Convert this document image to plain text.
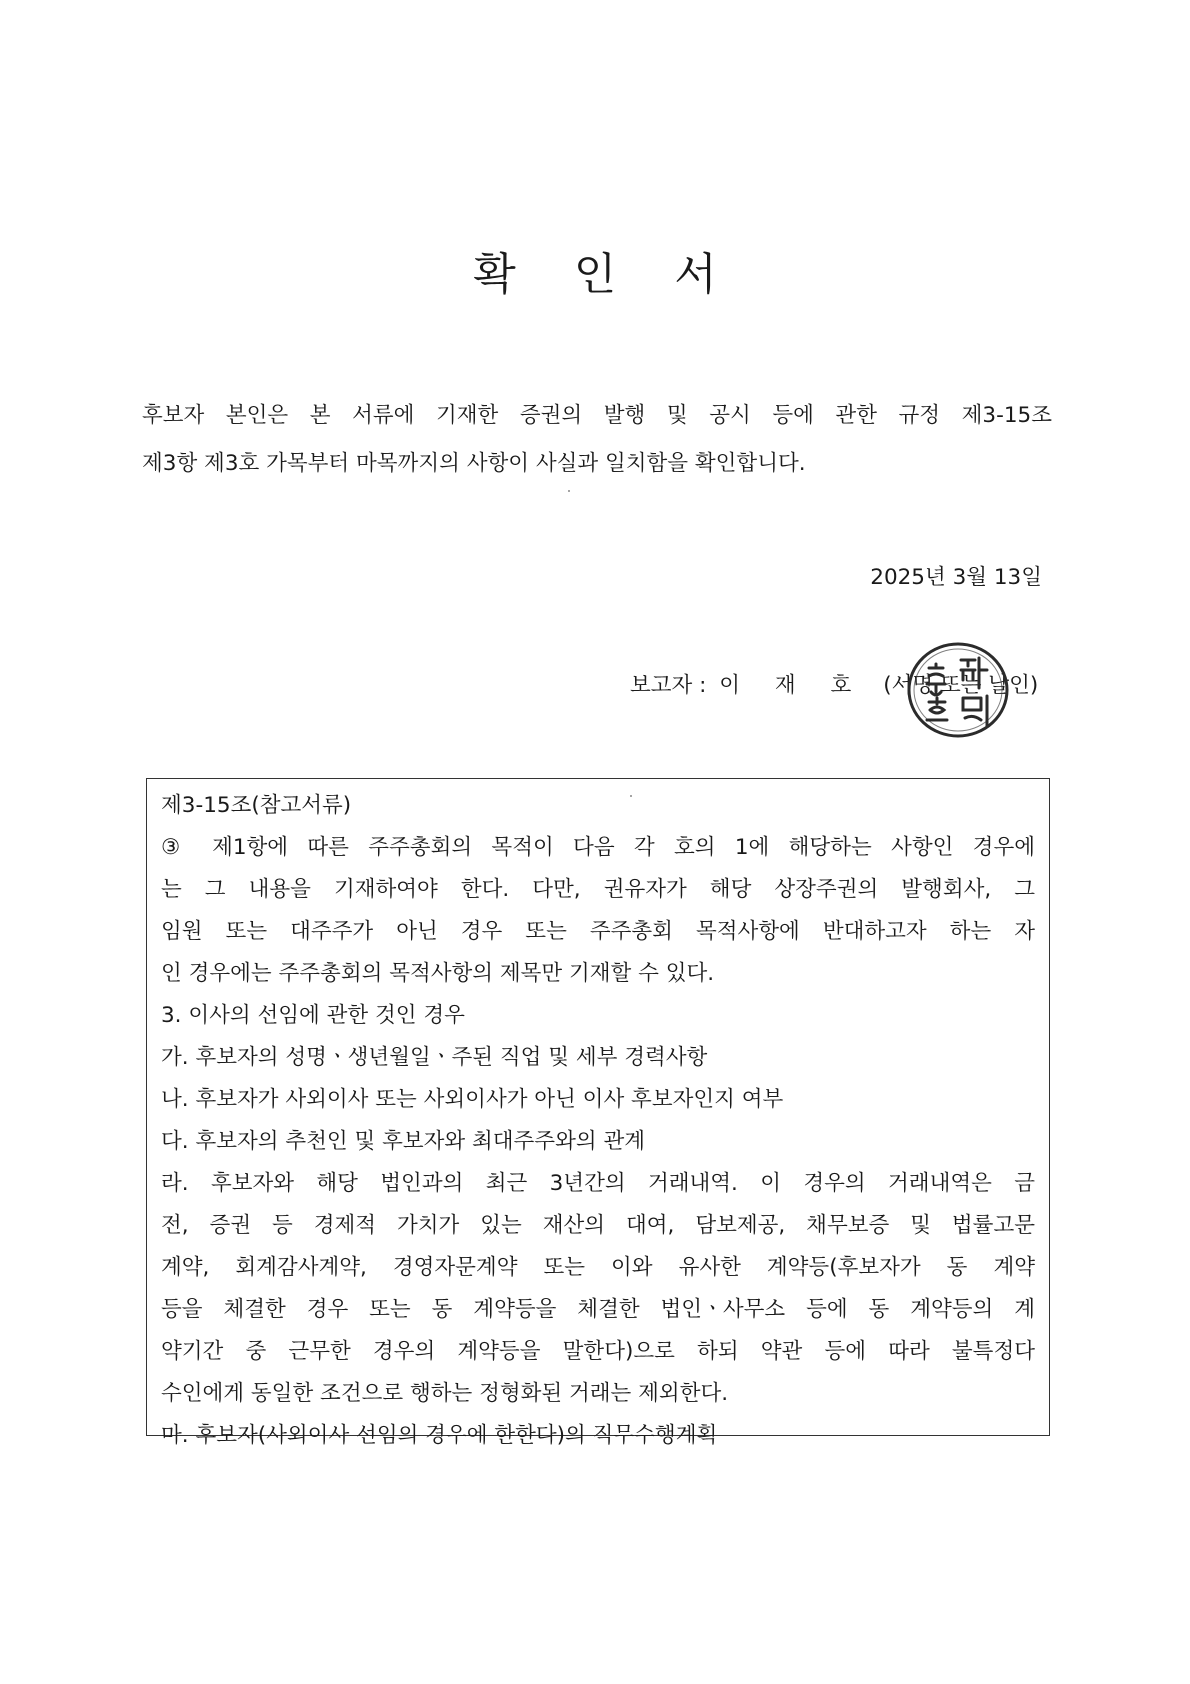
확 인 서

후보자 본인은 본 서류에 기재한 증권의 발행 및 공시 등에 관한 규정 제3-15조

제3항 제3호 가목부터 마목까지의 사항이 사실과 일치함을 확인합니다.

2025년 3월 13일
보고자 : 이 재 호 (서명 또는 날인)

제3-15조(참고서류)

③ 제1항에 따른 주주총회의 목적이 다음 각 호의 1에 해당하는 사항인 경우에

는 그 내용을 기재하여야 한다. 다만, 권유자가 해당 상장주권의 발행회사, 그

임원 또는 대주주가 아닌 경우 또는 주주총회 목적사항에 반대하고자 하는 자

인 경우에는 주주총회의 목적사항의 제목만 기재할 수 있다.

3. 이사의 선임에 관한 것인 경우

가. 후보자의 성명ㆍ생년월일ㆍ주된 직업 및 세부 경력사항

나. 후보자가 사외이사 또는 사외이사가 아닌 이사 후보자인지 여부

다. 후보자의 추천인 및 후보자와 최대주주와의 관계

라. 후보자와 해당 법인과의 최근 3년간의 거래내역. 이 경우의 거래내역은 금

전, 증권 등 경제적 가치가 있는 재산의 대여, 담보제공, 채무보증 및 법률고문

계약, 회계감사계약, 경영자문계약 또는 이와 유사한 계약등(후보자가 동 계약

등을 체결한 경우 또는 동 계약등을 체결한 법인ㆍ사무소 등에 동 계약등의 계

약기간 중 근무한 경우의 계약등을 말한다)으로 하되 약관 등에 따라 불특정다

수인에게 동일한 조건으로 행하는 정형화된 거래는 제외한다.

마. 후보자(사외이사 선임의 경우에 한한다)의 직무수행계획
